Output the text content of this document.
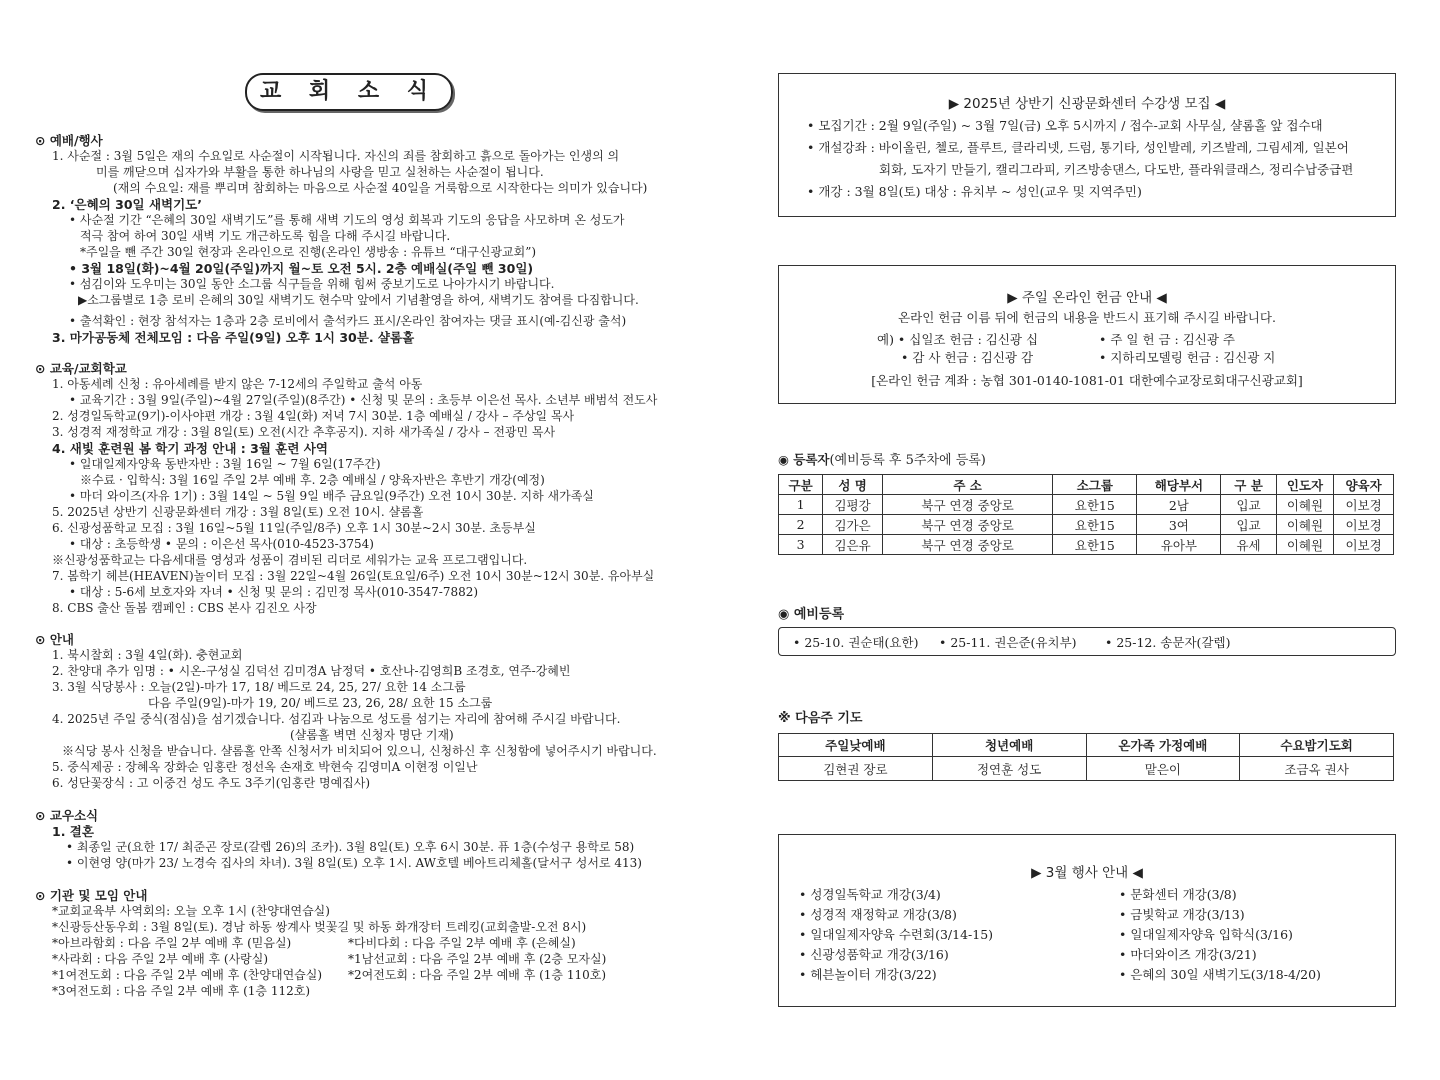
교 회 소 식
⊙ 예배/행사
1. 사순절 : 3월 5일은 재의 수요일로 사순절이 시작됩니다. 자신의 죄를 참회하고 흙으로 돌아가는 인생의 의
미를 깨닫으며 십자가와 부활을 통한 하나님의 사랑을 믿고 실천하는 사순절이 됩니다.
(재의 수요일: 재를 뿌리며 참회하는 마음으로 사순절 40일을 거룩함으로 시작한다는 의미가 있습니다)
2. ‘은혜의 30일 새벽기도’
• 사순절 기간 “은혜의 30일 새벽기도”를 통해 새벽 기도의 영성 회복과 기도의 응답을 사모하며 온 성도가
적극 참여 하여 30일 새벽 기도 개근하도록 힘을 다해 주시길 바랍니다.
*주일을 뺀 주간 30일 현장과 온라인으로 진행(온라인 생방송 : 유튜브 “대구신광교회”)
• 3월 18일(화)~4월 20일(주일)까지 월~토 오전 5시. 2층 예배실(주일 뺀 30일)
• 섬김이와 도우미는 30일 동안 소그룹 식구들을 위해 힘써 중보기도로 나아가시기 바랍니다.
▶소그룹별로 1층 로비 은혜의 30일 새벽기도 현수막 앞에서 기념촬영을 하여, 새벽기도 참여를 다짐합니다.
• 출석확인 : 현장 참석자는 1층과 2층 로비에서 출석카드 표시/온라인 참여자는 댓글 표시(예-김신광 출석)
3. 마가공동체 전체모임 : 다음 주일(9일) 오후 1시 30분. 샬롬홀
⊙ 교육/교회학교
1. 아동세례 신청 : 유아세례를 받지 않은 7-12세의 주일학교 출석 아동
• 교육기간 : 3월 9일(주일)~4월 27일(주일)(8주간) • 신청 및 문의 : 초등부 이은선 목사. 소년부 배범석 전도사
2. 성경일독학교(9기)-이사야편 개강 : 3월 4일(화) 저녁 7시 30분. 1층 예배실 / 강사 – 주상일 목사
3. 성경적 재정학교 개강 : 3월 8일(토) 오전(시간 추후공지). 지하 새가족실 / 강사 – 전광민 목사
4. 새빛 훈련원 봄 학기 과정 안내 : 3월 훈련 사역
• 일대일제자양육 동반자반 : 3월 16일 ~ 7월 6일(17주간)
※수료 · 입학식: 3월 16일 주일 2부 예배 후. 2층 예배실 / 양육자반은 후반기 개강(예정)
• 마더 와이즈(자유 1기) : 3월 14일 ~ 5월 9일 배주 금요일(9주간) 오전 10시 30분. 지하 새가족실
5. 2025년 상반기 신광문화센터 개강 : 3월 8일(토) 오전 10시. 샬롬홀
6. 신광성품학교 모집 : 3월 16일~5월 11일(주일/8주) 오후 1시 30분~2시 30분. 초등부실
• 대상 : 초등학생 • 문의 : 이은선 목사(010-4523-3754)
※신광성품학교는 다음세대를 영성과 성품이 겸비된 리더로 세워가는 교육 프로그램입니다.
7. 봄학기 헤븐(HEAVEN)놀이터 모집 : 3월 22일~4월 26일(토요일/6주) 오전 10시 30분~12시 30분. 유아부실
• 대상 : 5-6세 보호자와 자녀 • 신청 및 문의 : 김민정 목사(010-3547-7882)
8. CBS 출산 돌봄 캠페인 : CBS 본사 김진오 사장
⊙ 안내
1. 북시찰회 : 3월 4일(화). 충현교회
2. 찬양대 추가 임명 : • 시온-구성실 김덕선 김미경A 남정덕 • 호산나-김영희B 조경호, 연주-강혜빈
3. 3월 식당봉사 : 오늘(2일)-마가 17, 18/ 베드로 24, 25, 27/ 요한 14 소그룹
다음 주일(9일)-마가 19, 20/ 베드로 23, 26, 28/ 요한 15 소그룹
4. 2025년 주일 중식(점심)을 섬기겠습니다. 섬김과 나눔으로 성도를 섬기는 자리에 참여해 주시길 바랍니다.
(샬롬홀 벽면 신청자 명단 기재)
※식당 봉사 신청을 받습니다. 샬롬홀 안쪽 신청서가 비치되어 있으니, 신청하신 후 신청함에 넣어주시기 바랍니다.
5. 중식제공 : 장혜옥 장화순 임홍란 정선옥 손재호 박현숙 김영미A 이현정 이일난
6. 성단꽃장식 : 고 이중건 성도 추도 3주기(임홍란 명예집사)
⊙ 교우소식
1. 결혼
• 최종일 군(요한 17/ 최준곤 장로(갈렙 26)의 조카). 3월 8일(토) 오후 6시 30분. 퓨 1층(수성구 용학로 58)
• 이현영 양(마가 23/ 노경숙 집사의 차녀). 3월 8일(토) 오후 1시. AW호텔 베아트리체홀(달서구 성서로 413)
⊙ 기관 및 모임 안내
*교회교육부 사역회의: 오늘 오후 1시 (찬양대연습실)
*신광등산동우회 : 3월 8일(토). 경남 하동 쌍계사 벚꽃길 및 하동 화개장터 트레킹(교회출발-오전 8시)
*아브라함회 : 다음 주일 2부 예배 후 (믿음실)	*다비다회 : 다음 주일 2부 예배 후 (은혜실)
*사라회 : 다음 주일 2부 예배 후 (사랑실)	*1남선교회 : 다음 주일 2부 예배 후 (2층 모자실)
*1여전도회 : 다음 주일 2부 예배 후 (찬양대연습실) *2여전도회 : 다음 주일 2부 예배 후 (1층 110호)
*3여전도회 : 다음 주일 2부 예배 후 (1층 112호)
▶ 2025년 상반기 신광문화센터 수강생 모집 ◀
• 모집기간 : 2월 9일(주일) ~ 3월 7일(금) 오후 5시까지 / 접수-교회 사무실, 샬롬홀 앞 접수대
• 개설강좌 : 바이올린, 첼로, 플루트, 클라리넷, 드럼, 통기타, 성인발레, 키즈발레, 그림세계, 일본어
회화, 도자기 만들기, 캘리그라피, 키즈방송댄스, 다도반, 플라워클래스, 정리수납중급편
• 개강 : 3월 8일(토) 대상 : 유치부 ~ 성인(교우 및 지역주민)
▶ 주일 온라인 헌금 안내 ◀
온라인 헌금 이름 뒤에 헌금의 내용을 반드시 표기해 주시길 바랍니다.
예) • 십일조 헌금 : 김신광 십	• 주 일 헌 금 : 김신광 주
• 감 사 헌금 : 김신광 감	• 지하리모델링 헌금 : 김신광 지
[온라인 헌금 계좌 : 농협 301-0140-1081-01 대한예수교장로회대구신광교회]
◉ 등록자(예비등록 후 5주차에 등록)
구분	성 명	주 소	소그룹	해당부서	구 분	인도자	양육자
1	김평강	북구 연경 중앙로	요한15	2남	입교	이혜원	이보경
2	김가은	북구 연경 중앙로	요한15	3여	입교	이혜원	이보경
3	김은유	북구 연경 중앙로	요한15	유아부	유세	이혜원	이보경
◉ 예비등록
• 25-10. 권순태(요한) • 25-11. 권은준(유치부) • 25-12. 송문자(갈렙)
※ 다음주 기도
주일낮예배	청년예배	온가족 가정예배	수요밤기도회
김현권 장로	정연훈 성도	맡은이	조금옥 권사
▶ 3월 행사 안내 ◀
• 성경일독학교 개강(3/4)
• 성경적 재정학교 개강(3/8)
• 일대일제자양육 수련회(3/14-15)
• 신광성품학교 개강(3/16)
• 헤븐놀이터 개강(3/22)
• 문화센터 개강(3/8)
• 금빛학교 개강(3/13)
• 일대일제자양육 입학식(3/16)
• 마더와이즈 개강(3/21)
• 은혜의 30일 새벽기도(3/18-4/20)
